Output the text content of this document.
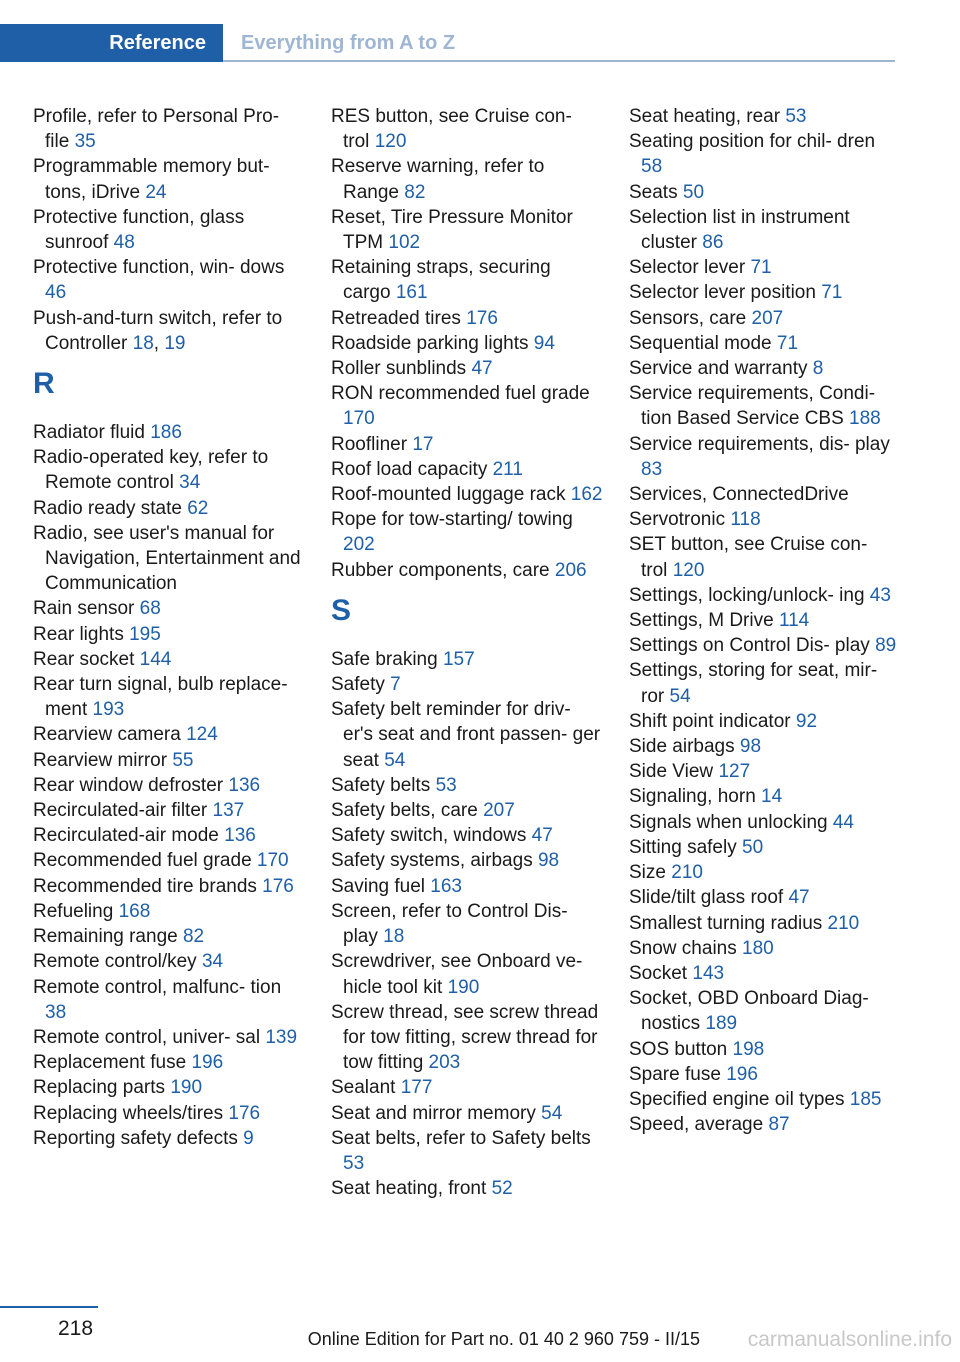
Reference	Everything from A to Z
Profile, refer to Personal Pro‑ file 35
Programmable memory but‑ tons, iDrive 24
Protective function, glass sunroof 48
Protective function, win‑ dows 46
Push-and-turn switch, refer to Controller 18, 19
R
Radiator fluid 186
Radio-operated key, refer to Remote control 34
Radio ready state 62
Radio, see user's manual for Navigation, Entertainment and Communication
Rain sensor 68
Rear lights 195
Rear socket 144
Rear turn signal, bulb replace‑ ment 193
Rearview camera 124
Rearview mirror 55
Rear window defroster 136
Recirculated-air filter 137
Recirculated-air mode 136
Recommended fuel grade 170
Recommended tire brands 176
Refueling 168
Remaining range 82
Remote control/key 34
Remote control, malfunc‑ tion 38
Remote control, univer‑ sal 139
Replacement fuse 196
Replacing parts 190
Replacing wheels/tires 176
Reporting safety defects 9
RES button, see Cruise con‑ trol 120
Reserve warning, refer to Range 82
Reset, Tire Pressure Monitor TPM 102
Retaining straps, securing cargo 161
Retreaded tires 176
Roadside parking lights 94
Roller sunblinds 47
RON recommended fuel grade 170
Roofliner 17
Roof load capacity 211
Roof-mounted luggage rack 162
Rope for tow-starting/ towing 202
Rubber components, care 206
S
Safe braking 157
Safety 7
Safety belt reminder for driv‑ er's seat and front passen‑ ger seat 54
Safety belts 53
Safety belts, care 207
Safety switch, windows 47
Safety systems, airbags 98
Saving fuel 163
Screen, refer to Control Dis‑ play 18
Screwdriver, see Onboard ve‑ hicle tool kit 190
Screw thread, see screw thread for tow fitting, screw thread for tow fitting 203
Sealant 177
Seat and mirror memory 54
Seat belts, refer to Safety belts 53
Seat heating, front 52
Seat heating, rear 53
Seating position for chil‑ dren 58
Seats 50
Selection list in instrument cluster 86
Selector lever 71
Selector lever position 71
Sensors, care 207
Sequential mode 71
Service and warranty 8
Service requirements, Condi‑ tion Based Service CBS 188
Service requirements, dis‑ play 83
Services, ConnectedDrive
Servotronic 118
SET button, see Cruise con‑ trol 120
Settings, locking/unlock‑ ing 43
Settings, M Drive 114
Settings on Control Dis‑ play 89
Settings, storing for seat, mir‑ ror 54
Shift point indicator 92
Side airbags 98
Side View 127
Signaling, horn 14
Signals when unlocking 44
Sitting safely 50
Size 210
Slide/tilt glass roof 47
Smallest turning radius 210
Snow chains 180
Socket 143
Socket, OBD Onboard Diag‑ nostics 189
SOS button 198
Spare fuse 196
Specified engine oil types 185
Speed, average 87
218	Online Edition for Part no. 01 40 2 960 759 - II/15 carmanualsonline.info
